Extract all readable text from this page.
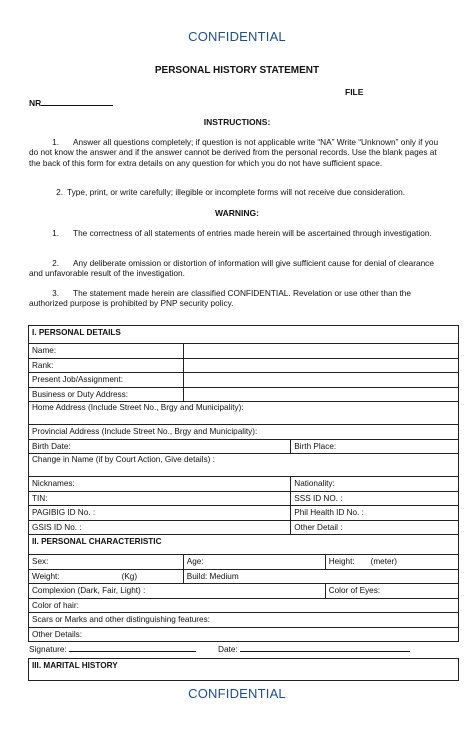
CONFIDENTIAL
PERSONAL HISTORY STATEMENT
FILE
NR
INSTRUCTIONS:
1. Answer all questions completely; if question is not applicable write “NA” Write “Unknown” only if you do not know the answer and if the answer cannot be derived from the personal records. Use the blank pages at the back of this form for extra details on any question for which you do not have sufficient space.
2. Type, print, or write carefully; illegible or incomplete forms will not receive due consideration.
WARNING:
1. The correctness of all statements of entries made herein will be ascertained through investigation.
2. Any deliberate omission or distortion of information will give sufficient cause for denial of clearance and unfavorable result of the investigation.
3. The statement made herein are classified CONFIDENTIAL. Revelation or use other than the authorized purpose is prohibited by PNP security policy.
I. PERSONAL DETAILS			
Name:			
Rank:			
Present Job/Assignment:			
Business or Duty Address:			
Home Address (Include Street No., Brgy and Municipality):			
Provincial Address (Include Street No., Brgy and Municipality):			
Birth Date:		Birth Place:	
Change in Name (if by Court Action, Give details) :			
Nicknames:		Nationality:	
TIN:		SSS ID NO. :	
PAGIBIG ID No. :		Phil Health ID No. :	
GSIS ID No. :		Other Detail :	
II. PERSONAL CHARACTERISTIC			
Sex:	Age:		Height: (meter)
Weight: (Kg)	Build: Medium		
Complexion (Dark, Fair, Light) :			Color of Eyes:
Color of hair:			
Scars or Marks and other distinguishing features:			
Other Details:			
Signature:	Date:
III. MARITAL HISTORY
CONFIDENTIAL
